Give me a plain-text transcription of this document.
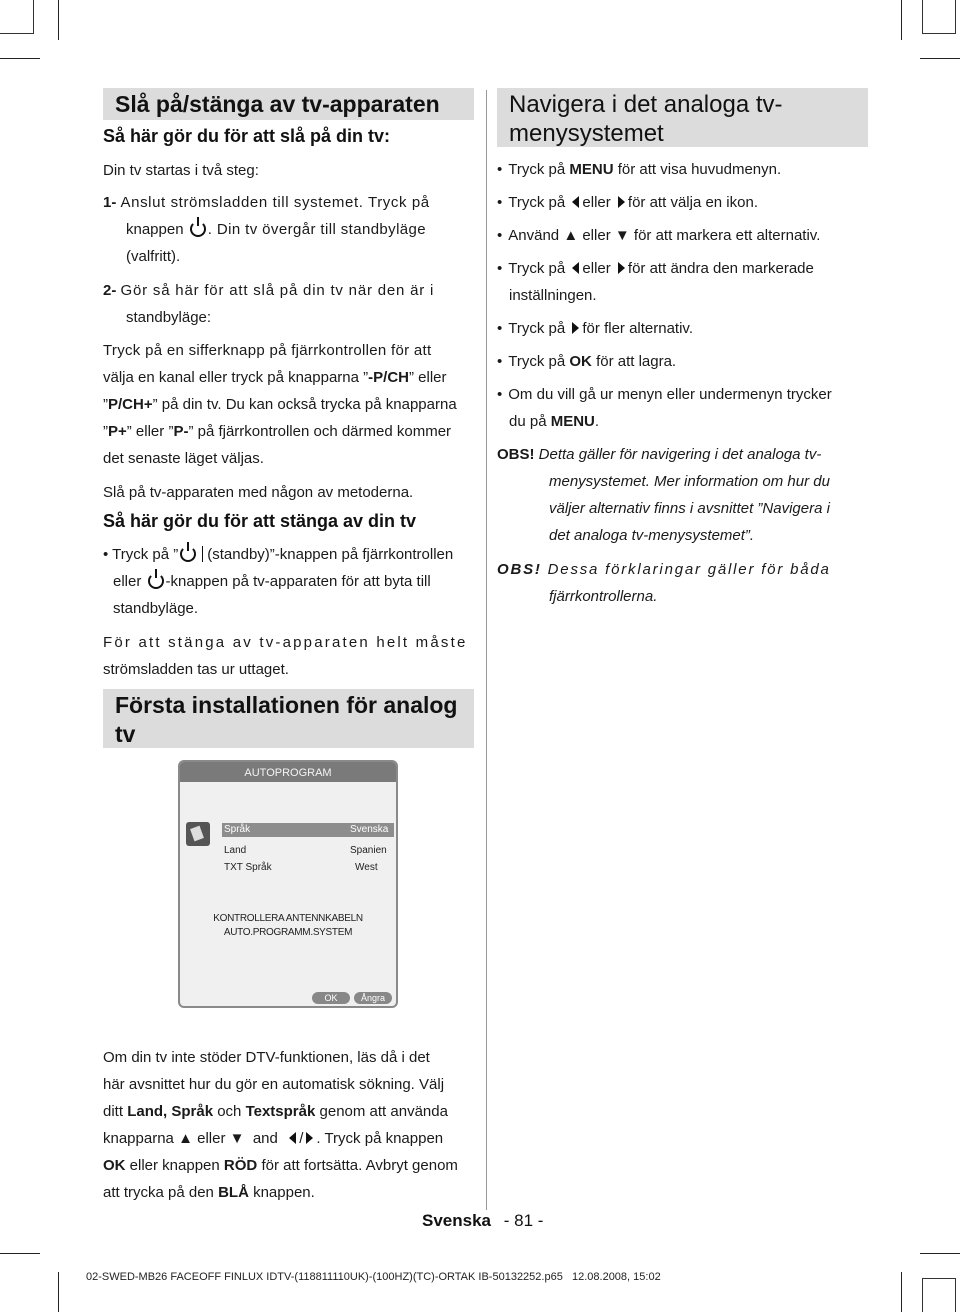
Slå på/stänga av tv-apparaten
Så här gör du för att slå på din tv:
Din tv startas i två steg:
1- Anslut strömsladden till systemet. Tryck på
knappen . Din tv övergår till standbyläge
(valfritt).
2- Gör så här för att slå på din tv när den är i
standbyläge:
Tryck på en sifferknapp på fjärrkontrollen för att
välja en kanal eller tryck på knapparna ”-P/CH” eller
”P/CH+” på din tv. Du kan också trycka på knapparna
”P+” eller ”P-” på fjärrkontrollen och därmed kommer
det senaste läget väljas.
Slå på tv-apparaten med någon av metoderna.
Så här gör du för att stänga av din tv
• Tryck på ” (standby)”-knappen på fjärrkontrollen
eller -knappen på tv-apparaten för att byta till
standbyläge.
För att stänga av tv-apparaten helt måste
strömsladden tas ur uttaget.
Första installationen för analog tv
AUTOPROGRAM
Språk	Svenska
Land	Spanien
TXT Språk	West
KONTROLLERA ANTENNKABELN
AUTO.PROGRAMM.SYSTEM
OK	Ångra
Om din tv inte stöder DTV-funktionen, läs då i det
här avsnittet hur du gör en automatisk sökning. Välj
ditt Land, Språk och Textspråk genom att använda
knapparna ▲ eller ▼ and / . Tryck på knappen
OK eller knappen RÖD för att fortsätta. Avbryt genom
att trycka på den BLÅ knappen.
Navigera i det analoga tv-menysystemet
• Tryck på MENU för att visa huvudmenyn.
• Tryck på eller för att välja en ikon.
• Använd ▲ eller ▼ för att markera ett alternativ.
• Tryck på eller för att ändra den markerade
inställningen.
• Tryck på för fler alternativ.
• Tryck på OK för att lagra.
• Om du vill gå ur menyn eller undermenyn trycker
du på MENU.
OBS! Detta gäller för navigering i det analoga tv-
menysystemet. Mer information om hur du
väljer alternativ finns i avsnittet ”Navigera i
det analoga tv-menysystemet”.
OBS! Dessa förklaringar gäller för båda
fjärrkontrollerna.
Svenska - 81 -
02-SWED-MB26 FACEOFF FINLUX IDTV-(118811110UK)-(100HZ)(TC)-ORTAK IB-50132252.p65   12.08.2008, 15:02
